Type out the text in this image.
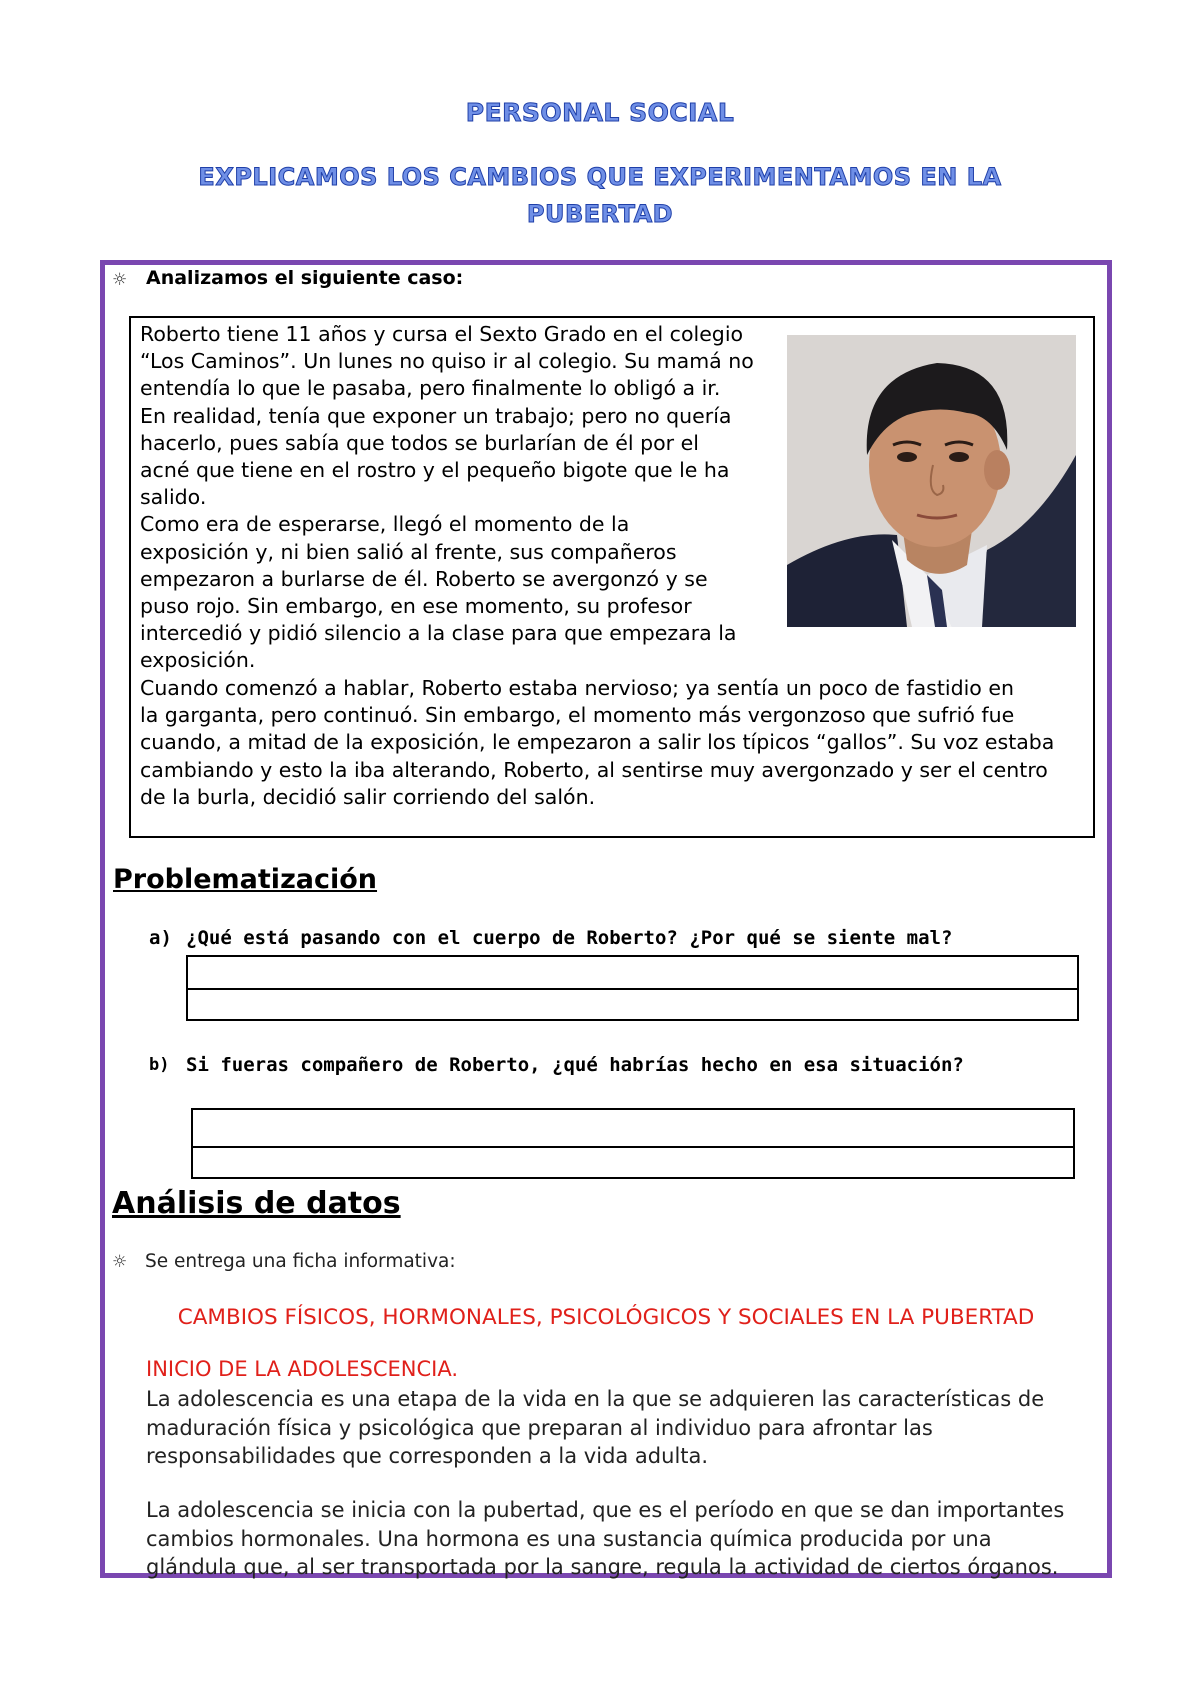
PERSONAL SOCIAL
EXPLICAMOS LOS CAMBIOS QUE EXPERIMENTAMOS EN LA
PUBERTAD
☼ Analizamos el siguiente caso:
Roberto tiene 11 años y cursa el Sexto Grado en el colegio
“Los Caminos”. Un lunes no quiso ir al colegio. Su mamá no
entendía lo que le pasaba, pero finalmente lo obligó a ir.
En realidad, tenía que exponer un trabajo; pero no quería
hacerlo, pues sabía que todos se burlarían de él por el
acné que tiene en el rostro y el pequeño bigote que le ha
salido.
Como era de esperarse, llegó el momento de la
exposición y, ni bien salió al frente, sus compañeros
empezaron a burlarse de él. Roberto se avergonzó y se
puso rojo. Sin embargo, en ese momento, su profesor
intercedió y pidió silencio a la clase para que empezara la
exposición.
Cuando comenzó a hablar, Roberto estaba nervioso; ya sentía un poco de fastidio en
la garganta, pero continuó. Sin embargo, el momento más vergonzoso que sufrió fue
cuando, a mitad de la exposición, le empezaron a salir los típicos “gallos”. Su voz estaba
cambiando y esto la iba alterando, Roberto, al sentirse muy avergonzado y ser el centro
de la burla, decidió salir corriendo del salón.
Problematización
a) ¿Qué está pasando con el cuerpo de Roberto? ¿Por qué se siente mal?
b) Si fueras compañero de Roberto, ¿qué habrías hecho en esa situación?
Análisis de datos
☼ Se entrega una ficha informativa:
CAMBIOS FÍSICOS, HORMONALES, PSICOLÓGICOS Y SOCIALES EN LA PUBERTAD
INICIO DE LA ADOLESCENCIA.
La adolescencia es una etapa de la vida en la que se adquieren las características de
maduración física y psicológica que preparan al individuo para afrontar las
responsabilidades que corresponden a la vida adulta.
La adolescencia se inicia con la pubertad, que es el período en que se dan importantes
cambios hormonales. Una hormona es una sustancia química producida por una
glándula que, al ser transportada por la sangre, regula la actividad de ciertos órganos.
